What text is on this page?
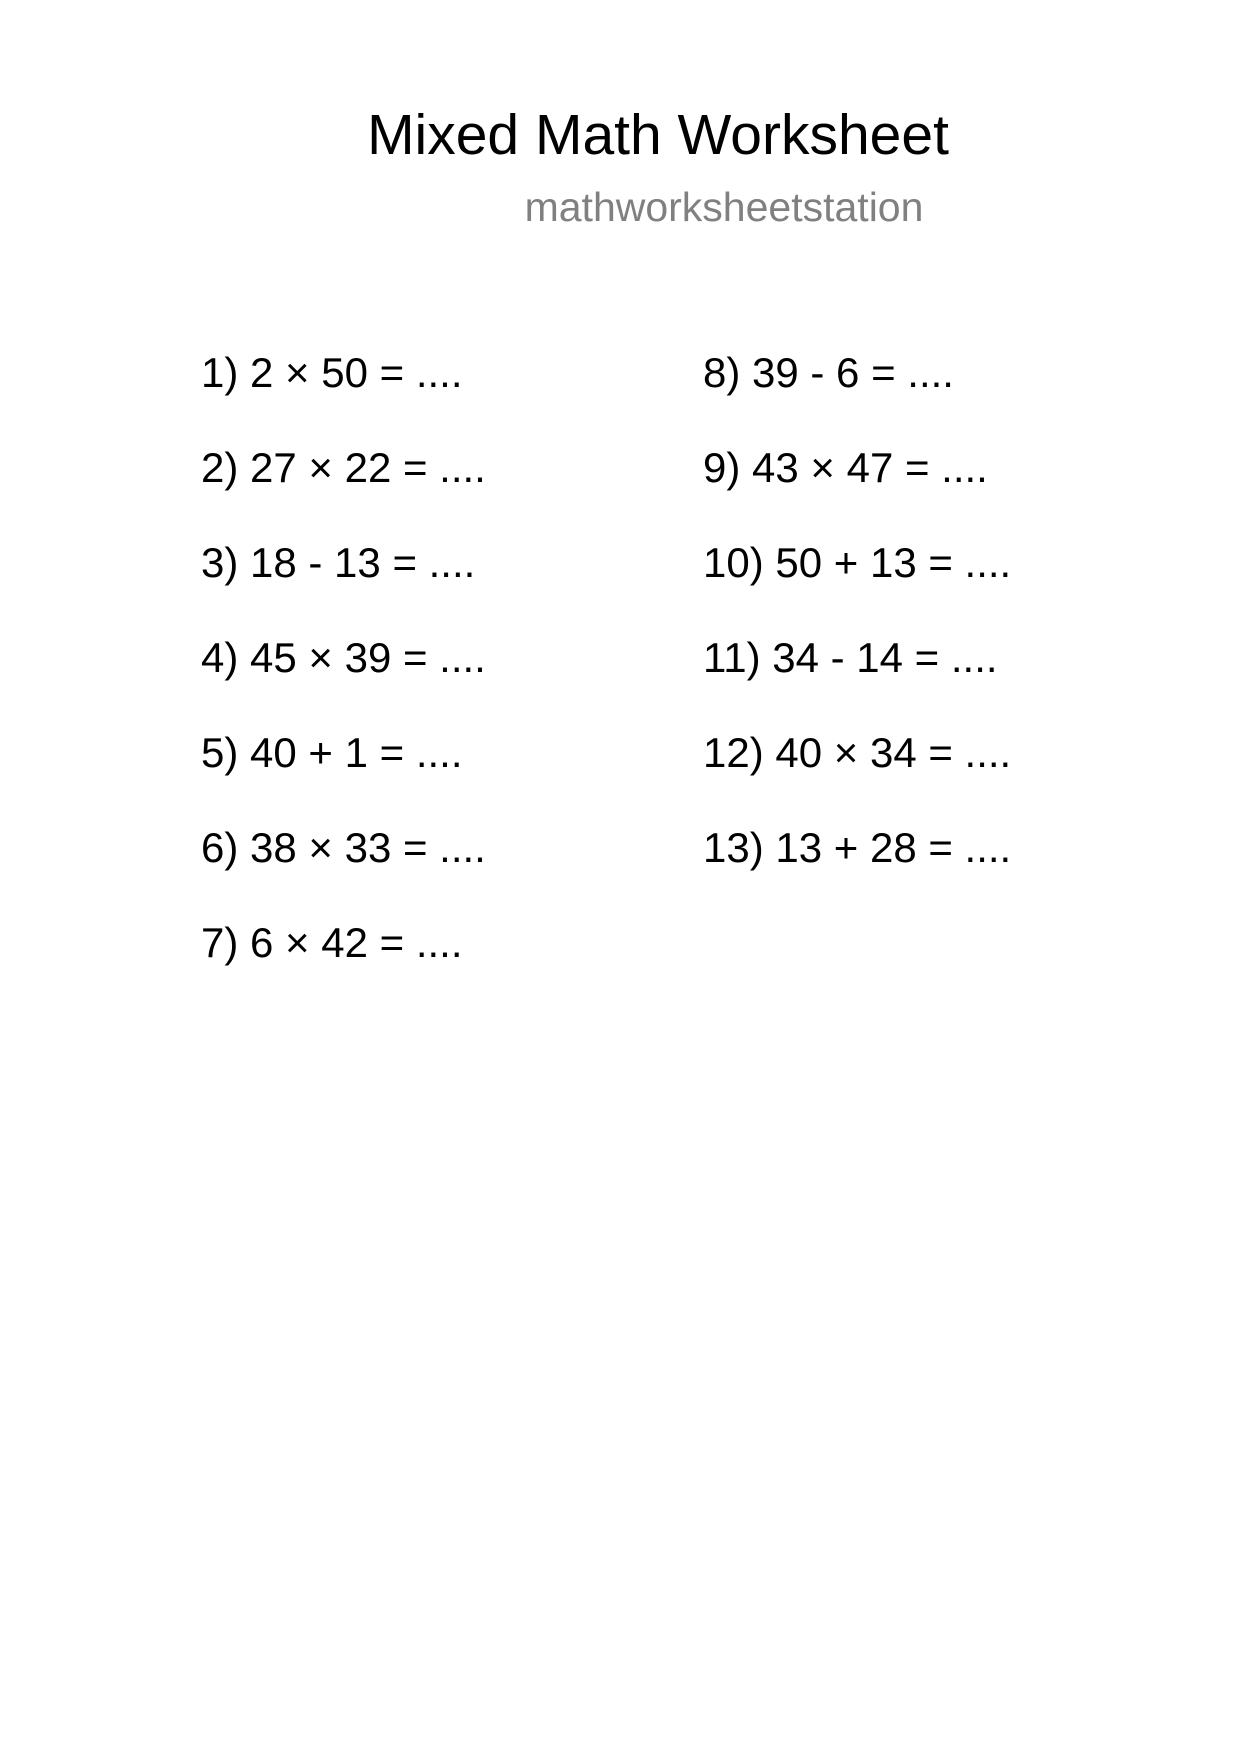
Mixed Math Worksheet
mathworksheetstation
1) 2 × 50 = ....
2) 27 × 22 = ....
3) 18 - 13 = ....
4) 45 × 39 = ....
5) 40 + 1 = ....
6) 38 × 33 = ....
7) 6 × 42 = ....
8) 39 - 6 = ....
9) 43 × 47 = ....
10) 50 + 13 = ....
11) 34 - 14 = ....
12) 40 × 34 = ....
13) 13 + 28 = ....
